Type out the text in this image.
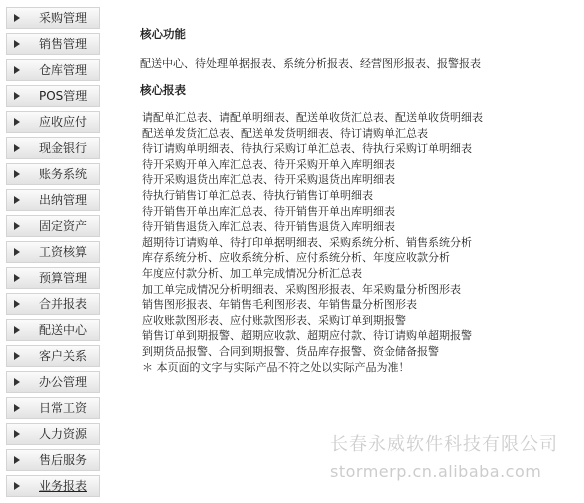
采购管理
销售管理
仓库管理
POS管理
应收应付
现金银行
账务系统
出纳管理
固定资产
工资核算
预算管理
合并报表
配送中心
客户关系
办公管理
日常工资
人力资源
售后服务
业务报表
核心功能
配送中心、待处理单据报表、系统分析报表、经营图形报表、报警报表
核心报表
请配单汇总表、请配单明细表、配送单收货汇总表、配送单收货明细表
配送单发货汇总表、配送单发货明细表、待订请购单汇总表
待订请购单明细表、待执行采购订单汇总表、待执行采购订单明细表
待开采购开单入库汇总表、待开采购开单入库明细表
待开采购退货出库汇总表、待开采购退货出库明细表
待执行销售订单汇总表、待执行销售订单明细表
待开销售开单出库汇总表、待开销售开单出库明细表
待开销售退货入库汇总表、待开销售退货入库明细表
超期待订请购单、待打印单据明细表、采购系统分析、销售系统分析
库存系统分析、应收系统分析、应付系统分析、年度应收款分析
年度应付款分析、加工单完成情况分析汇总表
加工单完成情况分析明细表、采购图形报表、年采购量分析图形表
销售图形报表、年销售毛利图形表、年销售量分析图形表
应收账款图形表、应付账款图形表、采购订单到期报警
销售订单到期报警、超期应收款、超期应付款、待订请购单超期报警
到期货品报警、合同到期报警、货品库存报警、资金储备报警
＊ 本页面的文字与实际产品不符之处以实际产品为准！
长春永威软件科技有限公司
stormerp.cn.alibaba.com
